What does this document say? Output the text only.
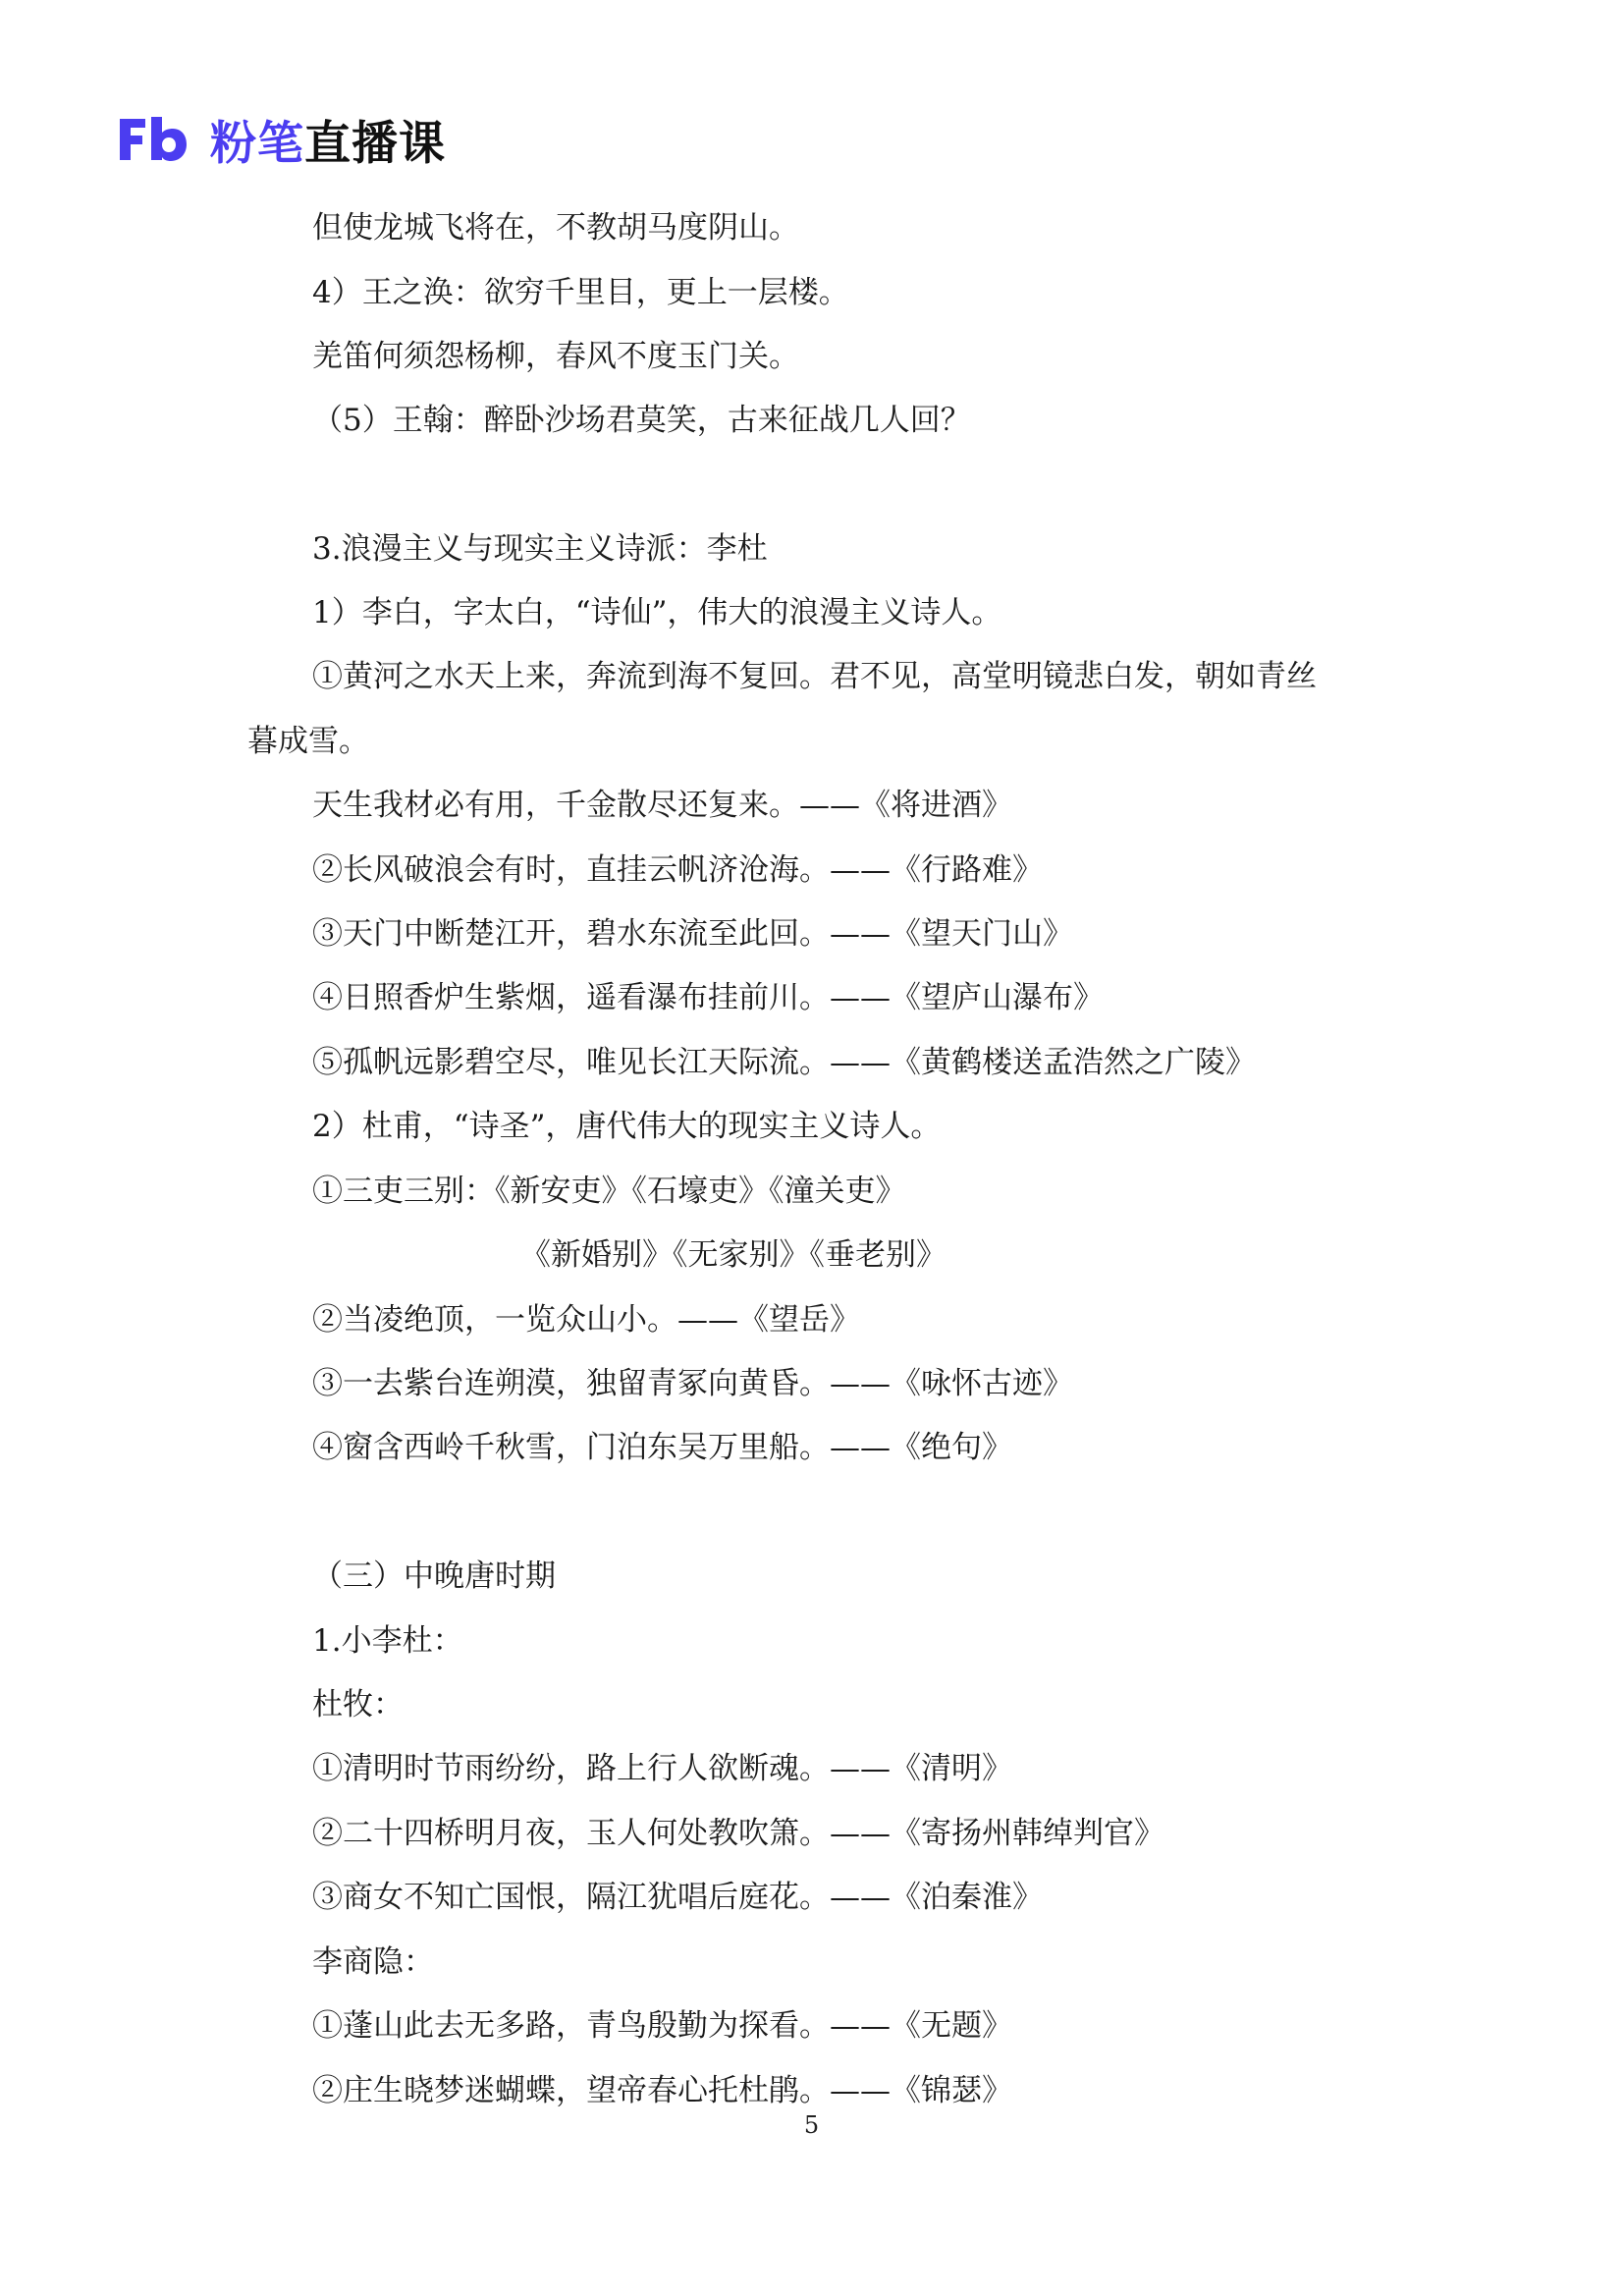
粉笔直播课
但使龙城飞将在，不教胡马度阴山。
4）王之涣：欲穷千里目，更上一层楼。
羌笛何须怨杨柳，春风不度玉门关。
（5）王翰：醉卧沙场君莫笑，古来征战几人回？
3.浪漫主义与现实主义诗派：李杜
1）李白，字太白，“诗仙”，伟大的浪漫主义诗人。
①黄河之水天上来，奔流到海不复回。君不见，高堂明镜悲白发，朝如青丝
暮成雪。
天生我材必有用，千金散尽还复来。——《将进酒》
②长风破浪会有时，直挂云帆济沧海。——《行路难》
③天门中断楚江开，碧水东流至此回。——《望天门山》
④日照香炉生紫烟，遥看瀑布挂前川。——《望庐山瀑布》
⑤孤帆远影碧空尽，唯见长江天际流。——《黄鹤楼送孟浩然之广陵》
2）杜甫，“诗圣”，唐代伟大的现实主义诗人。
①三吏三别：《新安吏》《石壕吏》《潼关吏》
《新婚别》《无家别》《垂老别》
②当凌绝顶，一览众山小。——《望岳》
③一去紫台连朔漠，独留青冢向黄昏。——《咏怀古迹》
④窗含西岭千秋雪，门泊东吴万里船。——《绝句》
（三）中晚唐时期
1.小李杜：
杜牧：
①清明时节雨纷纷，路上行人欲断魂。——《清明》
②二十四桥明月夜，玉人何处教吹箫。——《寄扬州韩绰判官》
③商女不知亡国恨，隔江犹唱后庭花。——《泊秦淮》
李商隐：
①蓬山此去无多路，青鸟殷勤为探看。——《无题》
②庄生晓梦迷蝴蝶，望帝春心托杜鹃。——《锦瑟》
5
